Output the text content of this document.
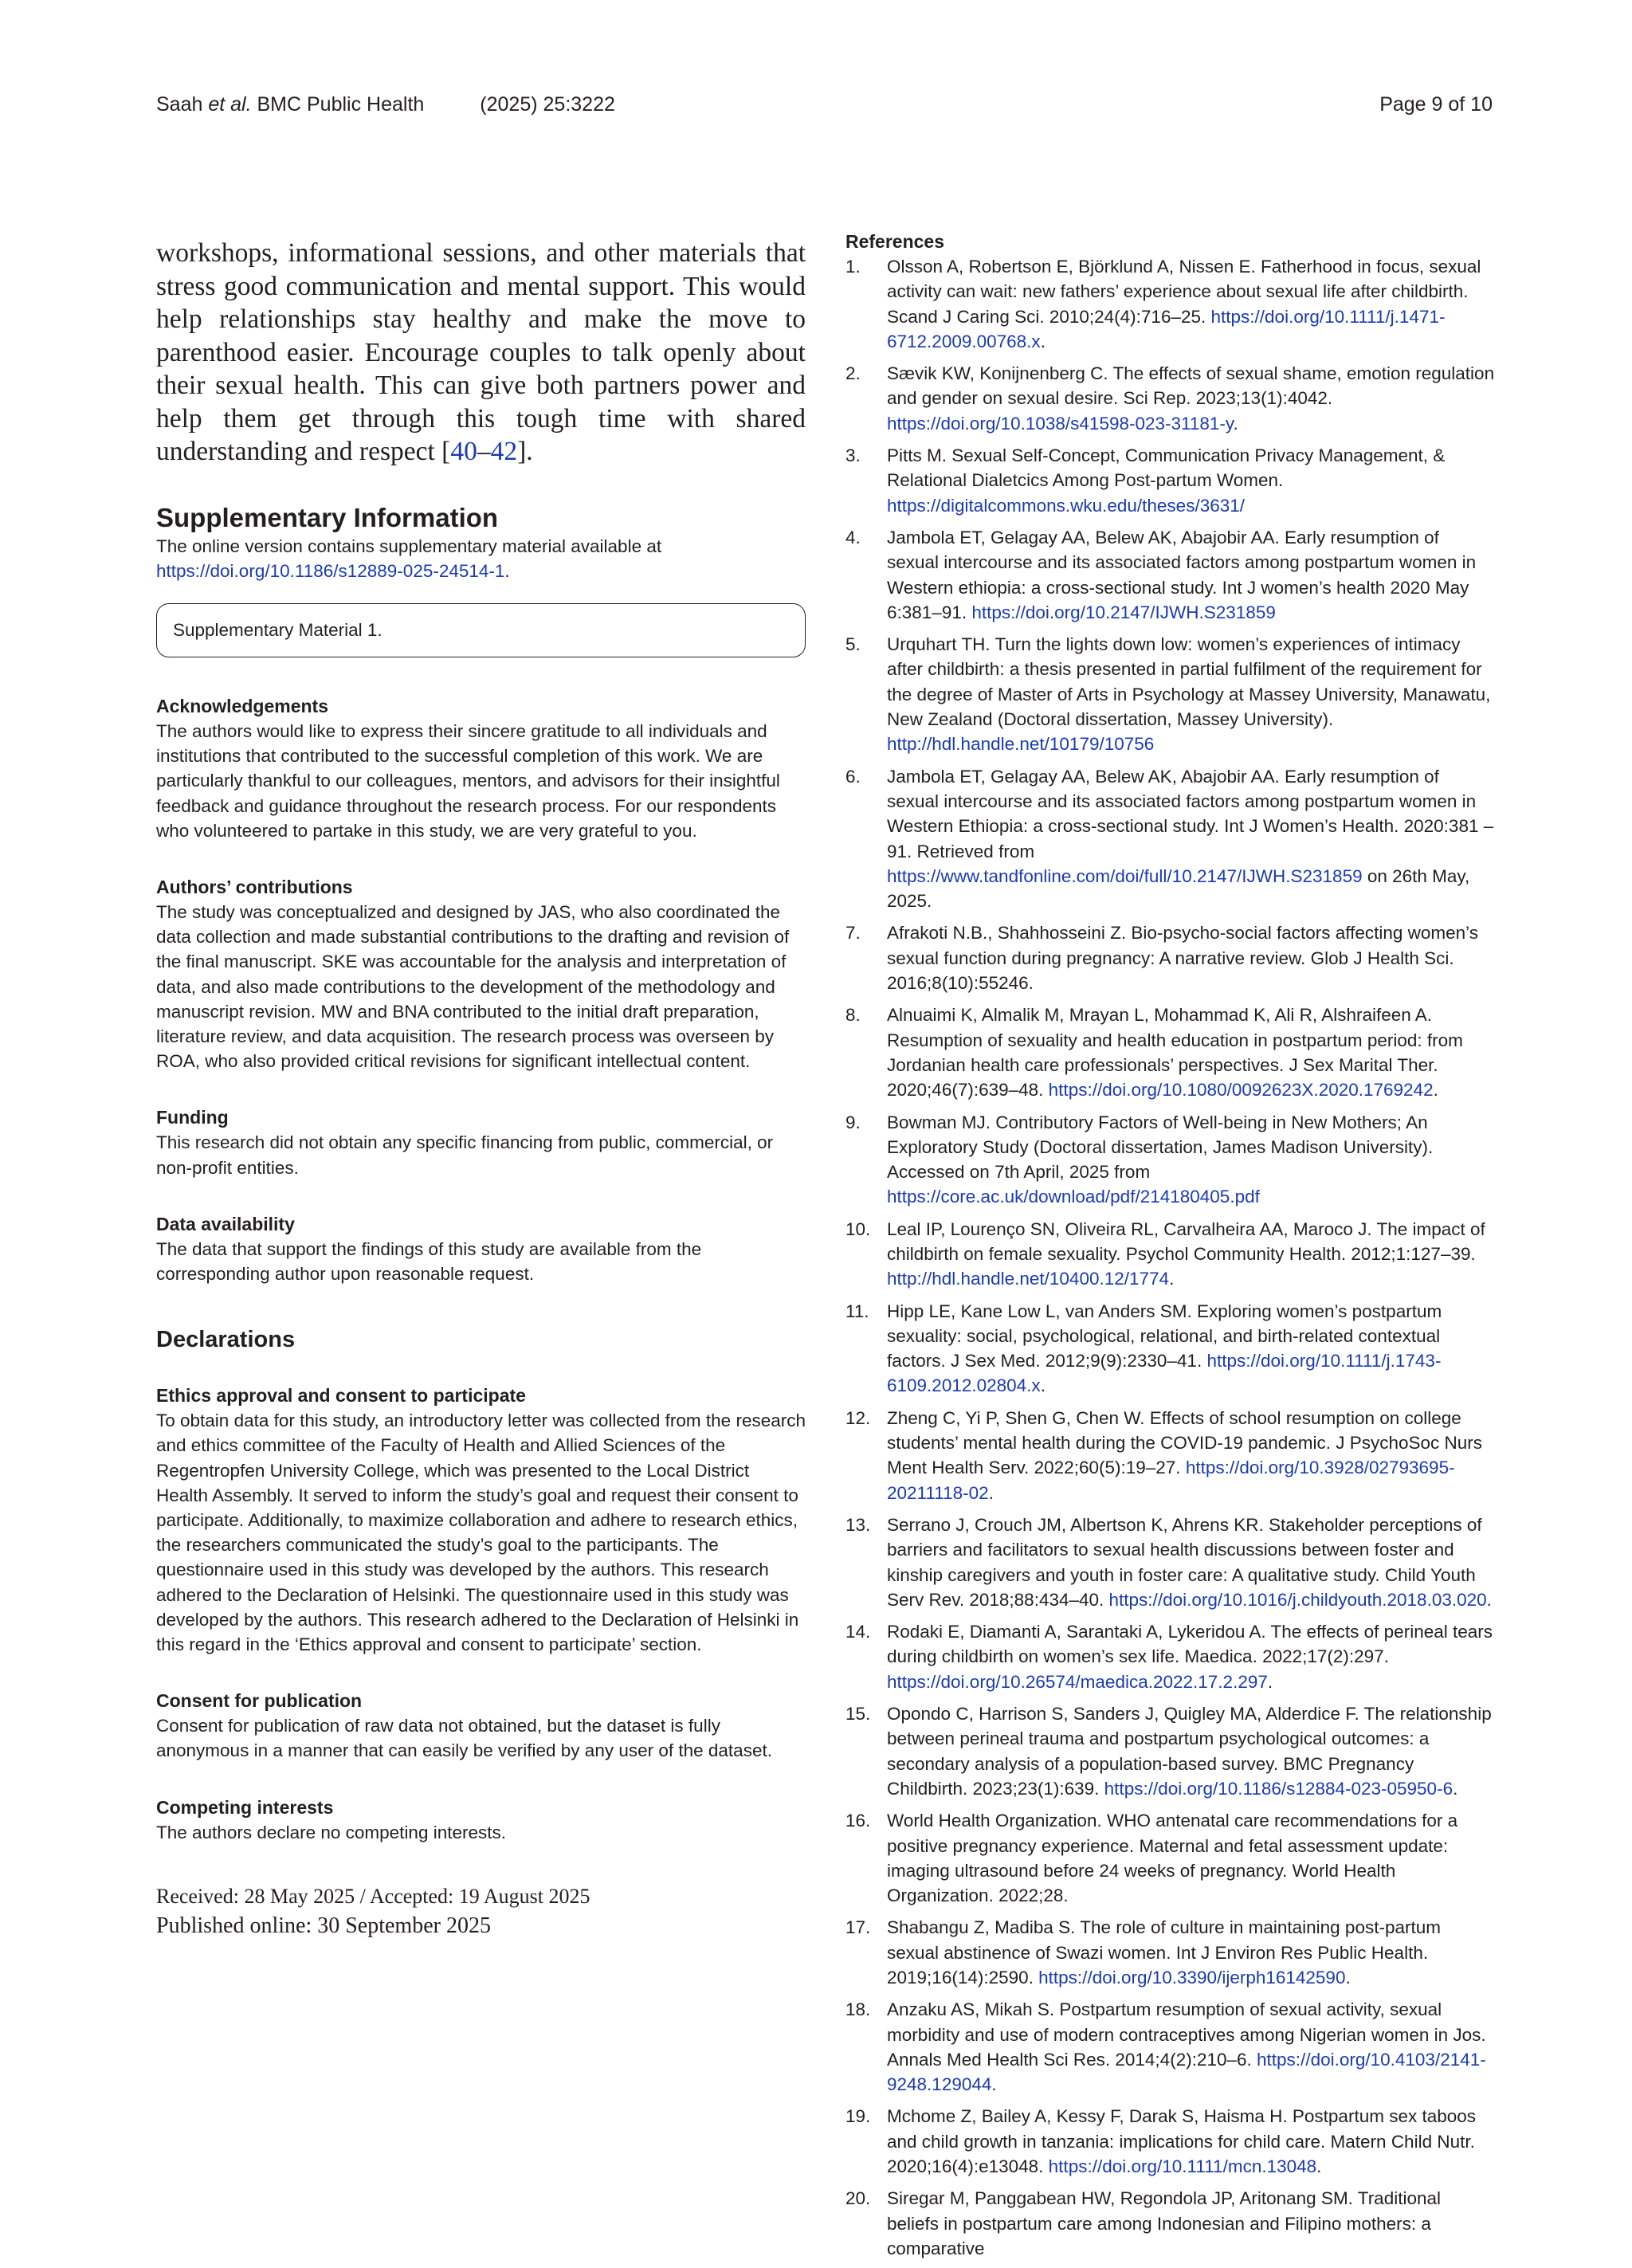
Saah et al. BMC Public Health	(2025) 25:3222	Page 9 of 10

workshops, informational sessions, and other materials that stress good communication and mental support. This would help relationships stay healthy and make the move to parenthood easier. Encourage couples to talk openly about their sexual health. This can give both partners power and help them get through this tough time with shared understanding and respect [40–42].

Supplementary Information

The online version contains supplementary material available at https://doi.org/10.1186/s12889-025-24514-1.

Supplementary Material 1.
Acknowledgements

The authors would like to express their sincere gratitude to all individuals and institutions that contributed to the successful completion of this work. We are particularly thankful to our colleagues, mentors, and advisors for their insightful feedback and guidance throughout the research process. For our respondents who volunteered to partake in this study, we are very grateful to you.

Authors’ contributions

The study was conceptualized and designed by JAS, who also coordinated the data collection and made substantial contributions to the drafting and revision of the final manuscript. SKE was accountable for the analysis and interpretation of data, and also made contributions to the development of the methodology and manuscript revision. MW and BNA contributed to the initial draft preparation, literature review, and data acquisition. The research process was overseen by ROA, who also provided critical revisions for significant intellectual content.

Funding

This research did not obtain any specific financing from public, commercial, or non-profit entities.

Data availability

The data that support the findings of this study are available from the corresponding author upon reasonable request.

Declarations
Ethics approval and consent to participate

To obtain data for this study, an introductory letter was collected from the research and ethics committee of the Faculty of Health and Allied Sciences of the Regentropfen University College, which was presented to the Local District Health Assembly. It served to inform the study’s goal and request their consent to participate. Additionally, to maximize collaboration and adhere to research ethics, the researchers communicated the study’s goal to the participants. The questionnaire used in this study was developed by the authors. This research adhered to the Declaration of Helsinki. The questionnaire used in this study was developed by the authors. This research adhered to the Declaration of Helsinki in this regard in the ‘Ethics approval and consent to participate’ section.

Consent for publication

Consent for publication of raw data not obtained, but the dataset is fully anonymous in a manner that can easily be verified by any user of the dataset.

Competing interests

The authors declare no competing interests.

Received: 28 May 2025 / Accepted: 19 August 2025
Published online: 30 September 2025
References
1.	Olsson A, Robertson E, Björklund A, Nissen E. Fatherhood in focus, sexual activity can wait: new fathers’ experience about sexual life after childbirth. Scand J Caring Sci. 2010;24(4):716–25. https://doi.org/10.1111/j.1471-6712.2009.00768.x.
2.	Sævik KW, Konijnenberg C. The effects of sexual shame, emotion regulation and gender on sexual desire. Sci Rep. 2023;13(1):4042. https://doi.org/10.1038/s41598-023-31181-y.
3.	Pitts M. Sexual Self-Concept, Communication Privacy Management, & Relational Dialetcics Among Post-partum Women. https://digitalcommons.wku.edu/theses/3631/
4.	Jambola ET, Gelagay AA, Belew AK, Abajobir AA. Early resumption of sexual intercourse and its associated factors among postpartum women in Western ethiopia: a cross-sectional study. Int J women’s health 2020 May 6:381–91. https://doi.org/10.2147/IJWH.S231859
5.	Urquhart TH. Turn the lights down low: women’s experiences of intimacy after childbirth: a thesis presented in partial fulfilment of the requirement for the degree of Master of Arts in Psychology at Massey University, Manawatu, New Zealand (Doctoral dissertation, Massey University). http://hdl.handle.net/10179/10756
6.	Jambola ET, Gelagay AA, Belew AK, Abajobir AA. Early resumption of sexual intercourse and its associated factors among postpartum women in Western Ethiopia: a cross-sectional study. Int J Women’s Health. 2020:381 – 91. Retrieved from https://www.tandfonline.com/doi/full/10.2147/IJWH.S231859 on 26th May, 2025.
7.	Afrakoti N.B., Shahhosseini Z. Bio-psycho-social factors affecting women’s sexual function during pregnancy: A narrative review. Glob J Health Sci. 2016;8(10):55246.
8.	Alnuaimi K, Almalik M, Mrayan L, Mohammad K, Ali R, Alshraifeen A. Resumption of sexuality and health education in postpartum period: from Jordanian health care professionals’ perspectives. J Sex Marital Ther. 2020;46(7):639–48. https://doi.org/10.1080/0092623X.2020.1769242.
9.	Bowman MJ. Contributory Factors of Well-being in New Mothers; An Exploratory Study (Doctoral dissertation, James Madison University). Accessed on 7th April, 2025 from https://core.ac.uk/download/pdf/214180405.pdf
10. Leal IP, Lourenço SN, Oliveira RL, Carvalheira AA, Maroco J. The impact of childbirth on female sexuality. Psychol Community Health. 2012;1:127–39. http://hdl.handle.net/10400.12/1774.
11. Hipp LE, Kane Low L, van Anders SM. Exploring women’s postpartum sexuality: social, psychological, relational, and birth-related contextual factors. J Sex Med. 2012;9(9):2330–41. https://doi.org/10.1111/j.1743-6109.2012.02804.x.
12. Zheng C, Yi P, Shen G, Chen W. Effects of school resumption on college students’ mental health during the COVID-19 pandemic. J PsychoSoc Nurs Ment Health Serv. 2022;60(5):19–27. https://doi.org/10.3928/02793695-20211118-02.
13. Serrano J, Crouch JM, Albertson K, Ahrens KR. Stakeholder perceptions of barriers and facilitators to sexual health discussions between foster and kinship caregivers and youth in foster care: A qualitative study. Child Youth Serv Rev. 2018;88:434–40. https://doi.org/10.1016/j.childyouth.2018.03.020.
14. Rodaki E, Diamanti A, Sarantaki A, Lykeridou A. The effects of perineal tears during childbirth on women’s sex life. Maedica. 2022;17(2):297. https://doi.org/10.26574/maedica.2022.17.2.297.
15. Opondo C, Harrison S, Sanders J, Quigley MA, Alderdice F. The relationship between perineal trauma and postpartum psychological outcomes: a secondary analysis of a population-based survey. BMC Pregnancy Childbirth. 2023;23(1):639. https://doi.org/10.1186/s12884-023-05950-6.
16. World Health Organization. WHO antenatal care recommendations for a positive pregnancy experience. Maternal and fetal assessment update: imaging ultrasound before 24 weeks of pregnancy. World Health Organization. 2022;28.
17. Shabangu Z, Madiba S. The role of culture in maintaining post-partum sexual abstinence of Swazi women. Int J Environ Res Public Health. 2019;16(14):2590. https://doi.org/10.3390/ijerph16142590.
18. Anzaku AS, Mikah S. Postpartum resumption of sexual activity, sexual morbidity and use of modern contraceptives among Nigerian women in Jos. Annals Med Health Sci Res. 2014;4(2):210–6. https://doi.org/10.4103/2141-9248.129044.
19. Mchome Z, Bailey A, Kessy F, Darak S, Haisma H. Postpartum sex taboos and child growth in tanzania: implications for child care. Matern Child Nutr. 2020;16(4):e13048. https://doi.org/10.1111/mcn.13048.
20. Siregar M, Panggabean HW, Regondola JP, Aritonang SM. Traditional beliefs in postpartum care among Indonesian and Filipino mothers: a comparative
